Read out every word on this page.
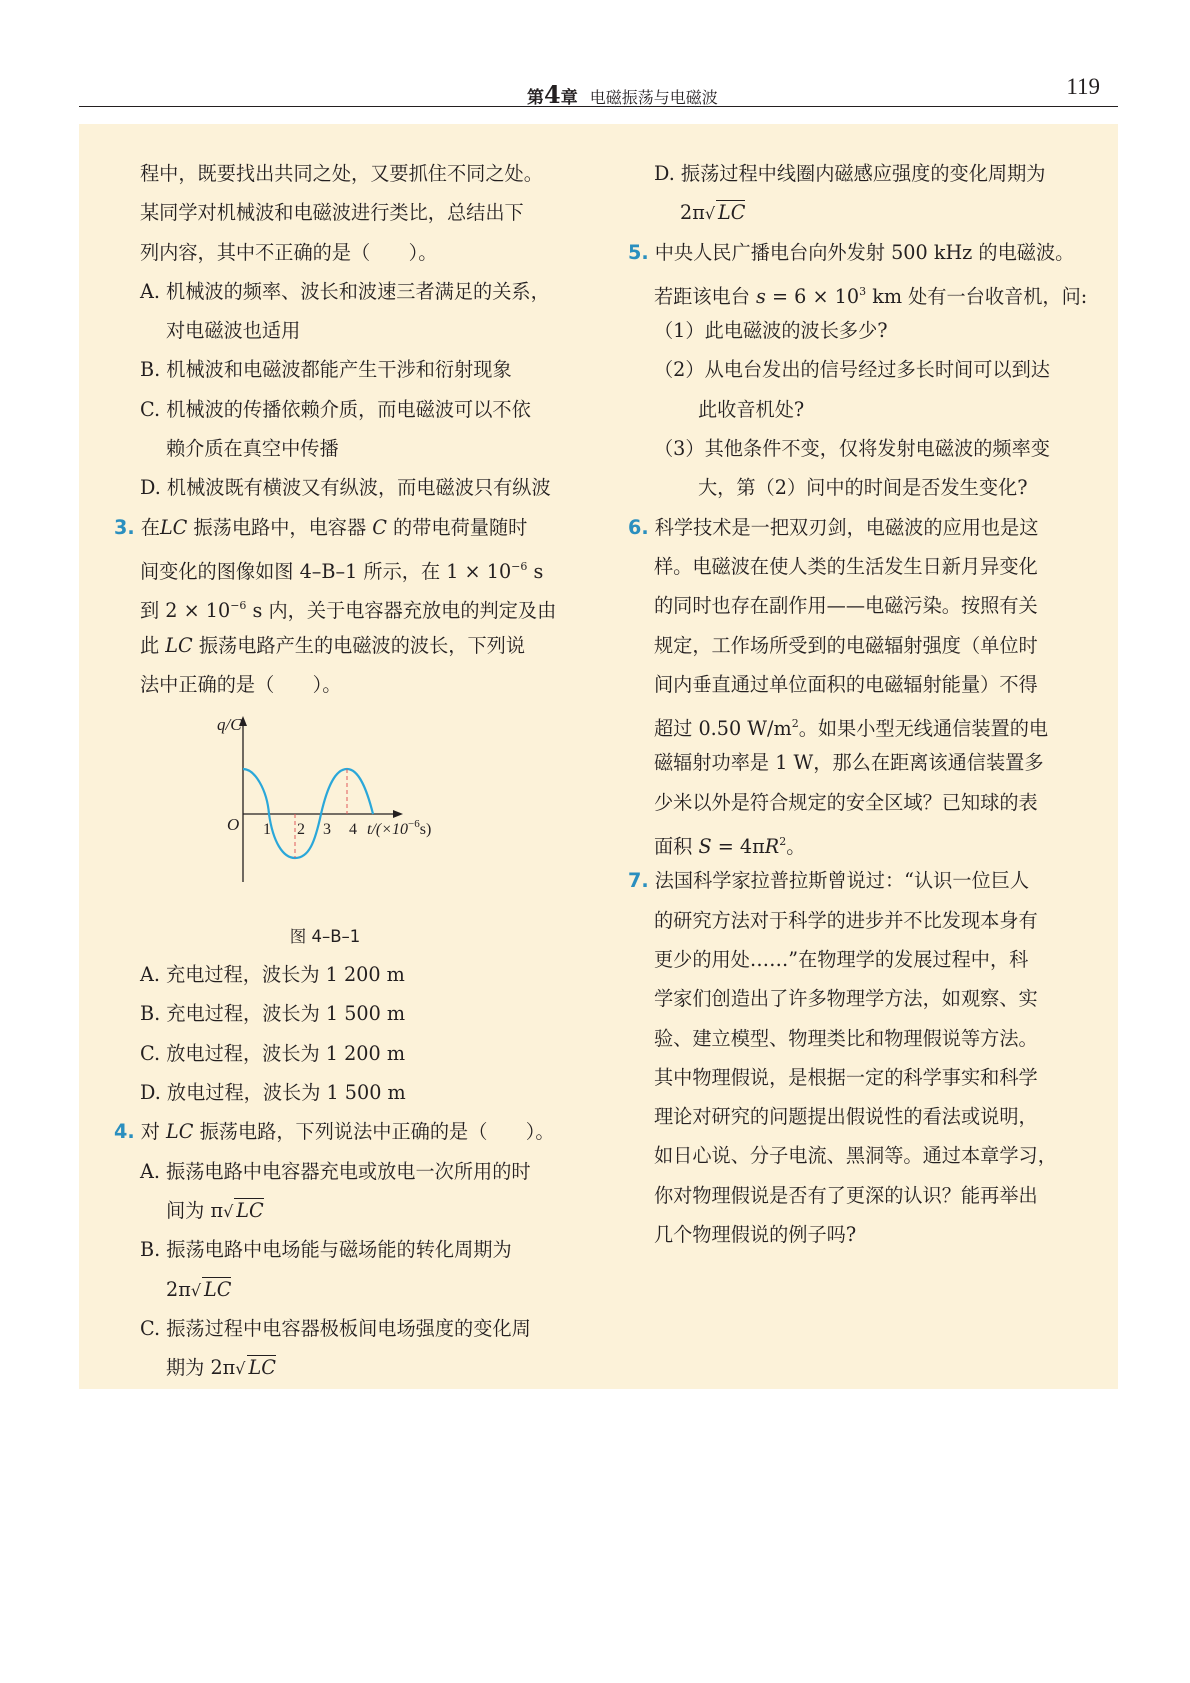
第4章 电磁振荡与电磁波	119
程中，既要找出共同之处，又要抓住不同之处。
某同学对机械波和电磁波进行类比，总结出下
列内容，其中不正确的是（　　）。
A. 机械波的频率、波长和波速三者满足的关系，
对电磁波也适用
B. 机械波和电磁波都能产生干涉和衍射现象
C. 机械波的传播依赖介质，而电磁波可以不依
赖介质在真空中传播
D. 机械波既有横波又有纵波，而电磁波只有纵波
3. 在LC 振荡电路中，电容器 C 的带电荷量随时
间变化的图像如图 4–B–1 所示，在 $1 \times 10^{-6}$ s
到 $2 \times 10^{-6}$ s 内，关于电容器充放电的判定及由
此 LC 振荡电路产生的电磁波的波长，下列说
法中正确的是（　　）。
q/C
O 1 2 3 4 $t/(\times 10^{-6}s)$
图 4–B–1
A. 充电过程，波长为 1 200 m
B. 充电过程，波长为 1 500 m
C. 放电过程，波长为 1 200 m
D. 放电过程，波长为 1 500 m
4. 对 LC 振荡电路，下列说法中正确的是（　　）。
A. 振荡电路中电容器充电或放电一次所用的时
间为 π√ LC
B. 振荡电路中电场能与磁场能的转化周期为
2π√ LC
C. 振荡过程中电容器极板间电场强度的变化周
期为 2π√ LC
D. 振荡过程中线圈内磁感应强度的变化周期为
2π√ LC
5. 中央人民广播电台向外发射 500 kHz 的电磁波。
若距该电台 $s = 6 \times 10^3$ km 处有一台收音机，问:
（1）此电磁波的波长多少?
（2）从电台发出的信号经过多长时间可以到达
此收音机处?
（3）其他条件不变，仅将发射电磁波的频率变
大，第（2）问中的时间是否发生变化?
6. 科学技术是一把双刃剑，电磁波的应用也是这
样。电磁波在使人类的生活发生日新月异变化
的同时也存在副作用——电磁污染。按照有关
规定，工作场所受到的电磁辐射强度（单位时
间内垂直通过单位面积的电磁辐射能量）不得
超过 0.50 $W/m^2$。如果小型无线通信装置的电
磁辐射功率是 1 W，那么在距离该通信装置多
少米以外是符合规定的安全区域？已知球的表
面积 $S = 4\pi R^2$。
7. 法国科学家拉普拉斯曾说过：“认识一位巨人
的研究方法对于科学的进步并不比发现本身有
更少的用处……”在物理学的发展过程中，科
学家们创造出了许多物理学方法，如观察、实
验、建立模型、物理类比和物理假说等方法。
其中物理假说，是根据一定的科学事实和科学
理论对研究的问题提出假说性的看法或说明，
如日心说、分子电流、黑洞等。通过本章学习，
你对物理假说是否有了更深的认识？能再举出
几个物理假说的例子吗?
